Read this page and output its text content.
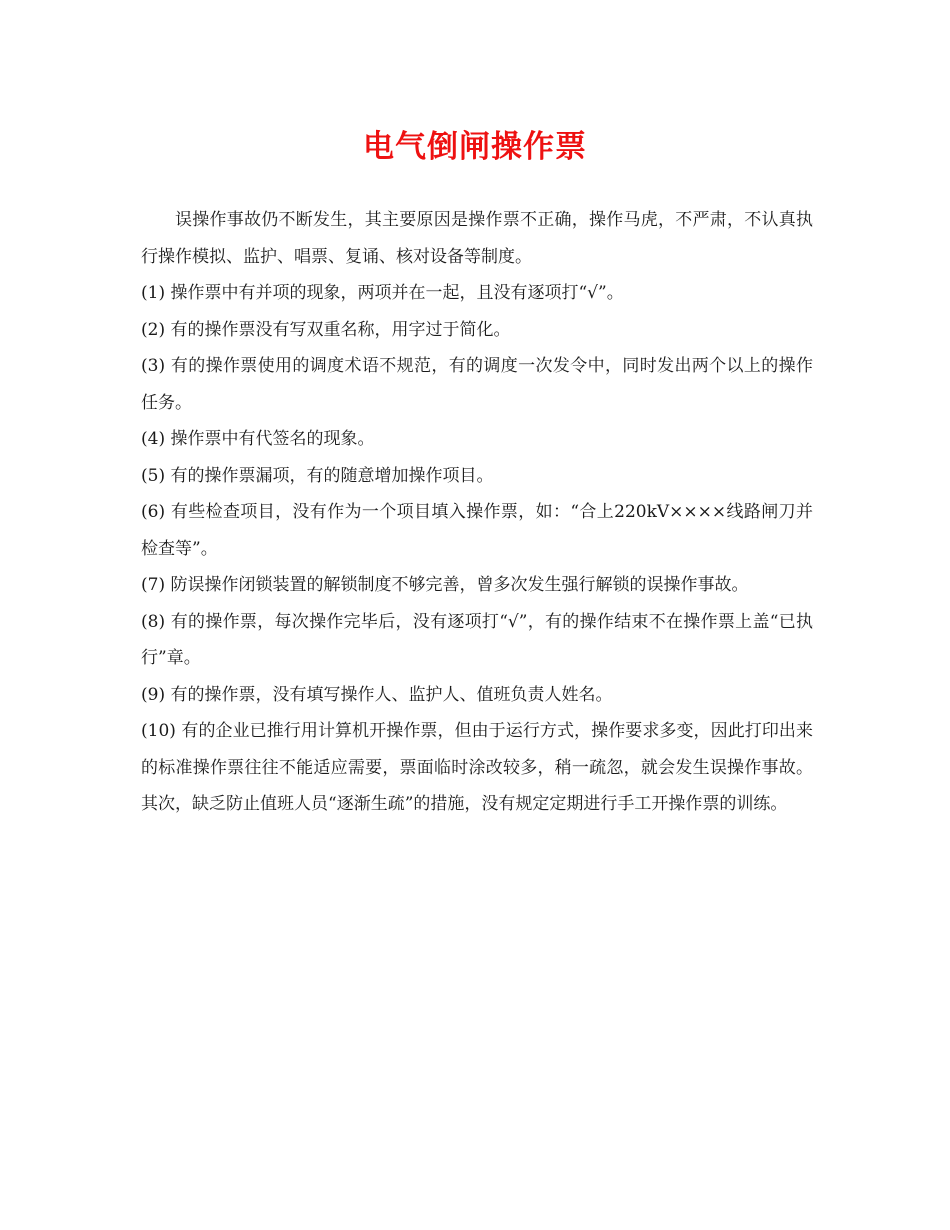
电气倒闸操作票

误操作事故仍不断发生，其主要原因是操作票不正确，操作马虎，不严肃，不认真执行操作模拟、监护、唱票、复诵、核对设备等制度。

(1) 操作票中有并项的现象，两项并在一起，且没有逐项打“√”。

(2) 有的操作票没有写双重名称，用字过于简化。

(3) 有的操作票使用的调度术语不规范，有的调度一次发令中，同时发出两个以上的操作任务。

(4) 操作票中有代签名的现象。

(5) 有的操作票漏项，有的随意增加操作项目。

(6) 有些检查项目，没有作为一个项目填入操作票，如：“合上220kV××××线路闸刀并检查等”。

(7) 防误操作闭锁装置的解锁制度不够完善，曾多次发生强行解锁的误操作事故。

(8) 有的操作票，每次操作完毕后，没有逐项打“√”，有的操作结束不在操作票上盖“已执行”章。

(9) 有的操作票，没有填写操作人、监护人、值班负责人姓名。

(10) 有的企业已推行用计算机开操作票，但由于运行方式，操作要求多变，因此打印出来的标准操作票往往不能适应需要，票面临时涂改较多，稍一疏忽，就会发生误操作事故。其次，缺乏防止值班人员“逐渐生疏”的措施，没有规定定期进行手工开操作票的训练。
